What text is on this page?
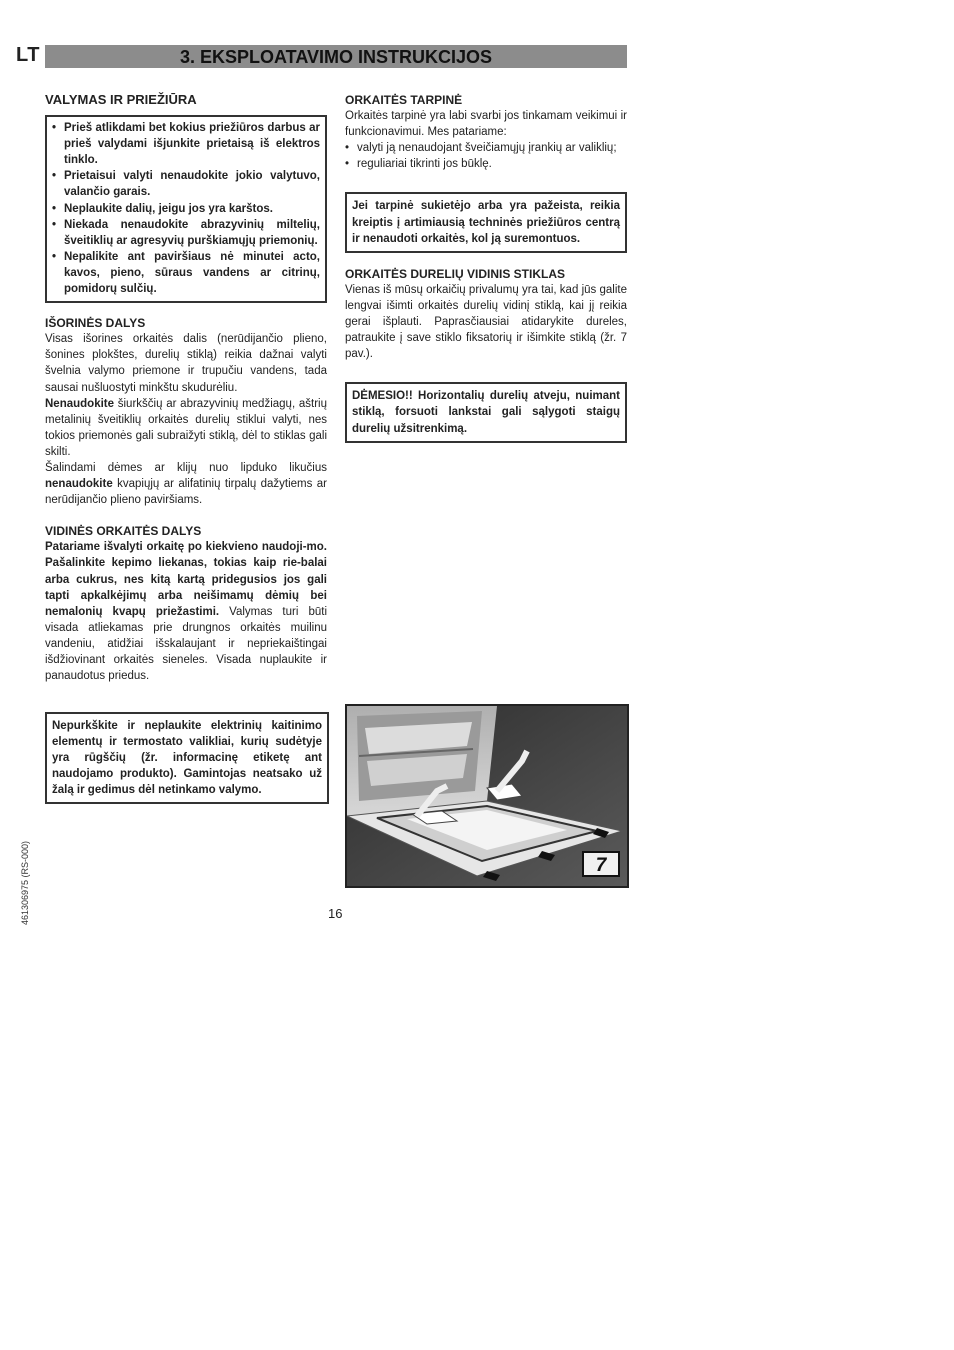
LT	3. EKSPLOATAVIMO INSTRUKCIJOS
VALYMAS IR PRIEŽIŪRA
• Prieš atlikdami bet kokius priežiūros darbus ar prieš valydami išjunkite prietaisą iš elektros tinklo.
• Prietaisui valyti nenaudokite jokio valytuvo, valančio garais.
• Neplaukite dalių, jeigu jos yra karštos.
• Niekada nenaudokite abrazyvinių miltelių, šveitiklių ar agresyvių purškiamųjų priemonių.
• Nepalikite ant paviršiaus nė minutei acto, kavos, pieno, sūraus vandens ar citrinų, pomidorų sulčių.
IŠORINĖS DALYS

Visas išorines orkaitės dalis (nerūdijančio plieno, šonines plokštes, durelių stiklą) reikia dažnai valyti švelnia valymo priemone ir trupučiu vandens, tada sausai nušluostyti minkštu skudurėliu.

Nenaudokite šiurkščių ar abrazyvinių medžiagų, aštrių metalinių šveitiklių orkaitės durelių stiklui valyti, nes tokios priemonės gali subraižyti stiklą, dėl to stiklas gali skilti.

Šalindami dėmes ar klijų nuo lipduko likučius nenaudokite kvapiųjų ar alifatinių tirpalų dažytiems ar nerūdijančio plieno paviršiams.

VIDINĖS ORKAITĖS DALYS

Patariame išvalyti orkaitę po kiekvieno naudoji-mo. Pašalinkite kepimo liekanas, tokias kaip rie-balai arba cukrus, nes kitą kartą pridegusios jos gali tapti apkalkėjimų arba neišimamų dėmių bei nemalonių kvapų priežastimi. Valymas turi būti visada atliekamas prie drungnos orkaitės muilinu vandeniu, atidžiai išskalaujant ir nepriekaištingai išdžiovinant orkaitės sieneles. Visada nuplaukite ir panaudotus priedus.

Nepurkškite ir neplaukite elektrinių kaitinimo elementų ir termostato valikliai, kurių sudėtyje yra rūgščių (žr. informacinę etiketę ant naudojamo produkto). Gamintojas neatsako už žalą ir gedimus dėl netinkamo valymo.
ORKAITĖS TARPINĖ

Orkaitės tarpinė yra labi svarbi jos tinkamam veikimui ir funkcionavimui. Mes patariame:

• valyti ją nenaudojant šveičiamųjų įrankių ar valiklių;
• reguliariai tikrinti jos būklę.
Jei tarpinė sukietėjo arba yra pažeista, reikia kreiptis į artimiausią techninės priežiūros centrą ir nenaudoti orkaitės, kol ją suremontuos.
ORKAITĖS DURELIŲ VIDINIS STIKLAS

Vienas iš mūsų orkaičių privalumų yra tai, kad jūs galite lengvai išimti orkaitės durelių vidinį stiklą, kai jį reikia gerai išplauti. Paprasčiausiai atidarykite dureles, patraukite į save stiklo fiksatorių ir išimkite stiklą (žr. 7 pav.).

DĖMESIO!! Horizontalių durelių atveju, nuimant stiklą, forsuoti lankstai gali sąlygoti staigų durelių užsitrenkimą.
7
16
461306975 (RS-000)
